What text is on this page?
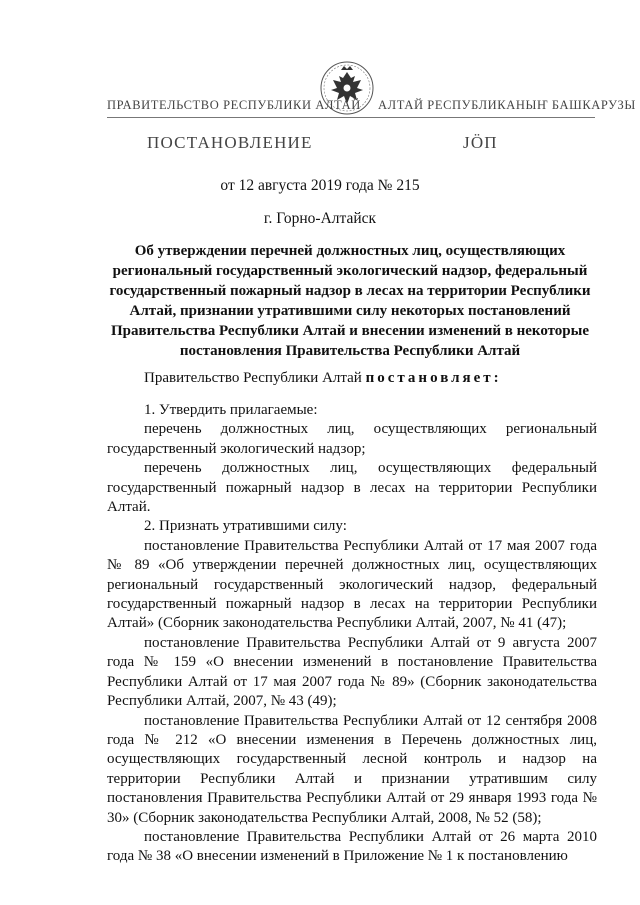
ПРАВИТЕЛЬСТВО РЕСПУБЛИКИ АЛТАЙ АЛТАЙ РЕСПУБЛИКАНЫҤ БАШКАРУЗЫ
ПОСТАНОВЛЕНИЕ	ЈӦП
от 12 августа 2019 года № 215
г. Горно-Алтайск
Об утверждении перечней должностных лиц, осуществляющих региональный государственный экологический надзор, федеральный государственный пожарный надзор в лесах на территории Республики Алтай, признании утратившими силу некоторых постановлений Правительства Республики Алтай и внесении изменений в некоторые постановления Правительства Республики Алтай
Правительство Республики Алтай постановляет:

1. Утвердить прилагаемые:

перечень должностных лиц, осуществляющих региональный государственный экологический надзор;

перечень должностных лиц, осуществляющих федеральный государственный пожарный надзор в лесах на территории Республики Алтай.

2. Признать утратившими силу:

постановление Правительства Республики Алтай от 17 мая 2007 года № 89 «Об утверждении перечней должностных лиц, осуществляющих региональный государственный экологический надзор, федеральный государственный пожарный надзор в лесах на территории Республики Алтай» (Сборник законодательства Республики Алтай, 2007, № 41 (47);

постановление Правительства Республики Алтай от 9 августа 2007 года № 159 «О внесении изменений в постановление Правительства Республики Алтай от 17 мая 2007 года № 89» (Сборник законодательства Республики Алтай, 2007, № 43 (49);

постановление Правительства Республики Алтай от 12 сентября 2008 года № 212 «О внесении изменения в Перечень должностных лиц, осуществляющих государственный лесной контроль и надзор на территории Республики Алтай и признании утратившим силу постановления Правительства Республики Алтай от 29 января 1993 года № 30» (Сборник законодательства Республики Алтай, 2008, № 52 (58);

постановление Правительства Республики Алтай от 26 марта 2010 года № 38 «О внесении изменений в Приложение № 1 к постановлению
